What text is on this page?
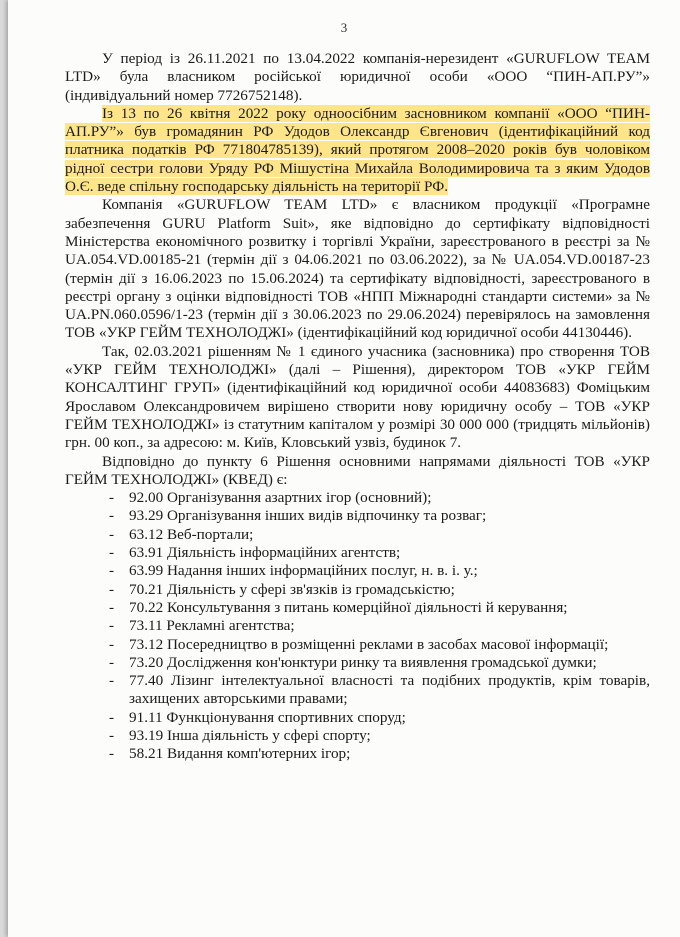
3

У період із 26.11.2021 по 13.04.2022 компанія-нерезидент «GURUFLOW TEAM LTD» була власником російської юридичної особи «ООО “ПИН-АП.РУ”» (індивідуальний номер 7726752148).

Із 13 по 26 квітня 2022 року одноосібним засновником компанії «ООО “ПИН-АП.РУ”» був громадянин РФ Удодов Олександр Євгенович (ідентифікаційний код платника податків РФ 771804785139), який протягом 2008–2020 років був чоловіком рідної сестри голови Уряду РФ Мішустіна Михайла Володимировича та з яким Удодов О.Є. веде спільну господарську діяльність на території РФ.

Компанія «GURUFLOW TEAM LTD» є власником продукції «Програмне забезпечення GURU Platform Suit», яке відповідно до сертифікату відповідності Міністерства економічного розвитку і торгівлі України, зареєстрованого в реєстрі за № UA.054.VD.00185-21 (термін дії з 04.06.2021 по 03.06.2022), за № UA.054.VD.00187-23 (термін дії з 16.06.2023 по 15.06.2024) та сертифікату відповідності, зареєстрованого в реєстрі органу з оцінки відповідності ТОВ «НПП Міжнародні стандарти системи» за № UA.PN.060.0596/1-23 (термін дії з 30.06.2023 по 29.06.2024) перевірялось на замовлення ТОВ «УКР ГЕЙМ ТЕХНОЛОДЖІ» (ідентифікаційний код юридичної особи 44130446).

Так, 02.03.2021 рішенням № 1 єдиного учасника (засновника) про створення ТОВ «УКР ГЕЙМ ТЕХНОЛОДЖІ» (далі – Рішення), директором ТОВ «УКР ГЕЙМ КОНСАЛТИНГ ГРУП» (ідентифікаційний код юридичної особи 44083683) Фоміцьким Ярославом Олександровичем вирішено створити нову юридичну особу – ТОВ «УКР ГЕЙМ ТЕХНОЛОДЖІ» із статутним капіталом у розмірі 30 000 000 (тридцять мільйонів) грн. 00 коп., за адресою: м. Київ, Кловський узвіз, будинок 7.

Відповідно до пункту 6 Рішення основними напрямами діяльності ТОВ «УКР ГЕЙМ ТЕХНОЛОДЖІ» (КВЕД) є:

- 92.00 Організування азартних ігор (основний);
- 93.29 Організування інших видів відпочинку та розваг;
- 63.12 Веб-портали;
- 63.91 Діяльність інформаційних агентств;
- 63.99 Надання інших інформаційних послуг, н. в. і. у.;
- 70.21 Діяльність у сфері зв'язків із громадськістю;
- 70.22 Консультування з питань комерційної діяльності й керування;
- 73.11 Рекламні агентства;
- 73.12 Посередництво в розміщенні реклами в засобах масової інформації;
- 73.20 Дослідження кон'юнктури ринку та виявлення громадської думки;
- 77.40 Лізинг інтелектуальної власності та подібних продуктів, крім товарів, захищених авторськими правами;
- 91.11 Функціонування спортивних споруд;
- 93.19 Інша діяльність у сфері спорту;
- 58.21 Видання комп'ютерних ігор;
